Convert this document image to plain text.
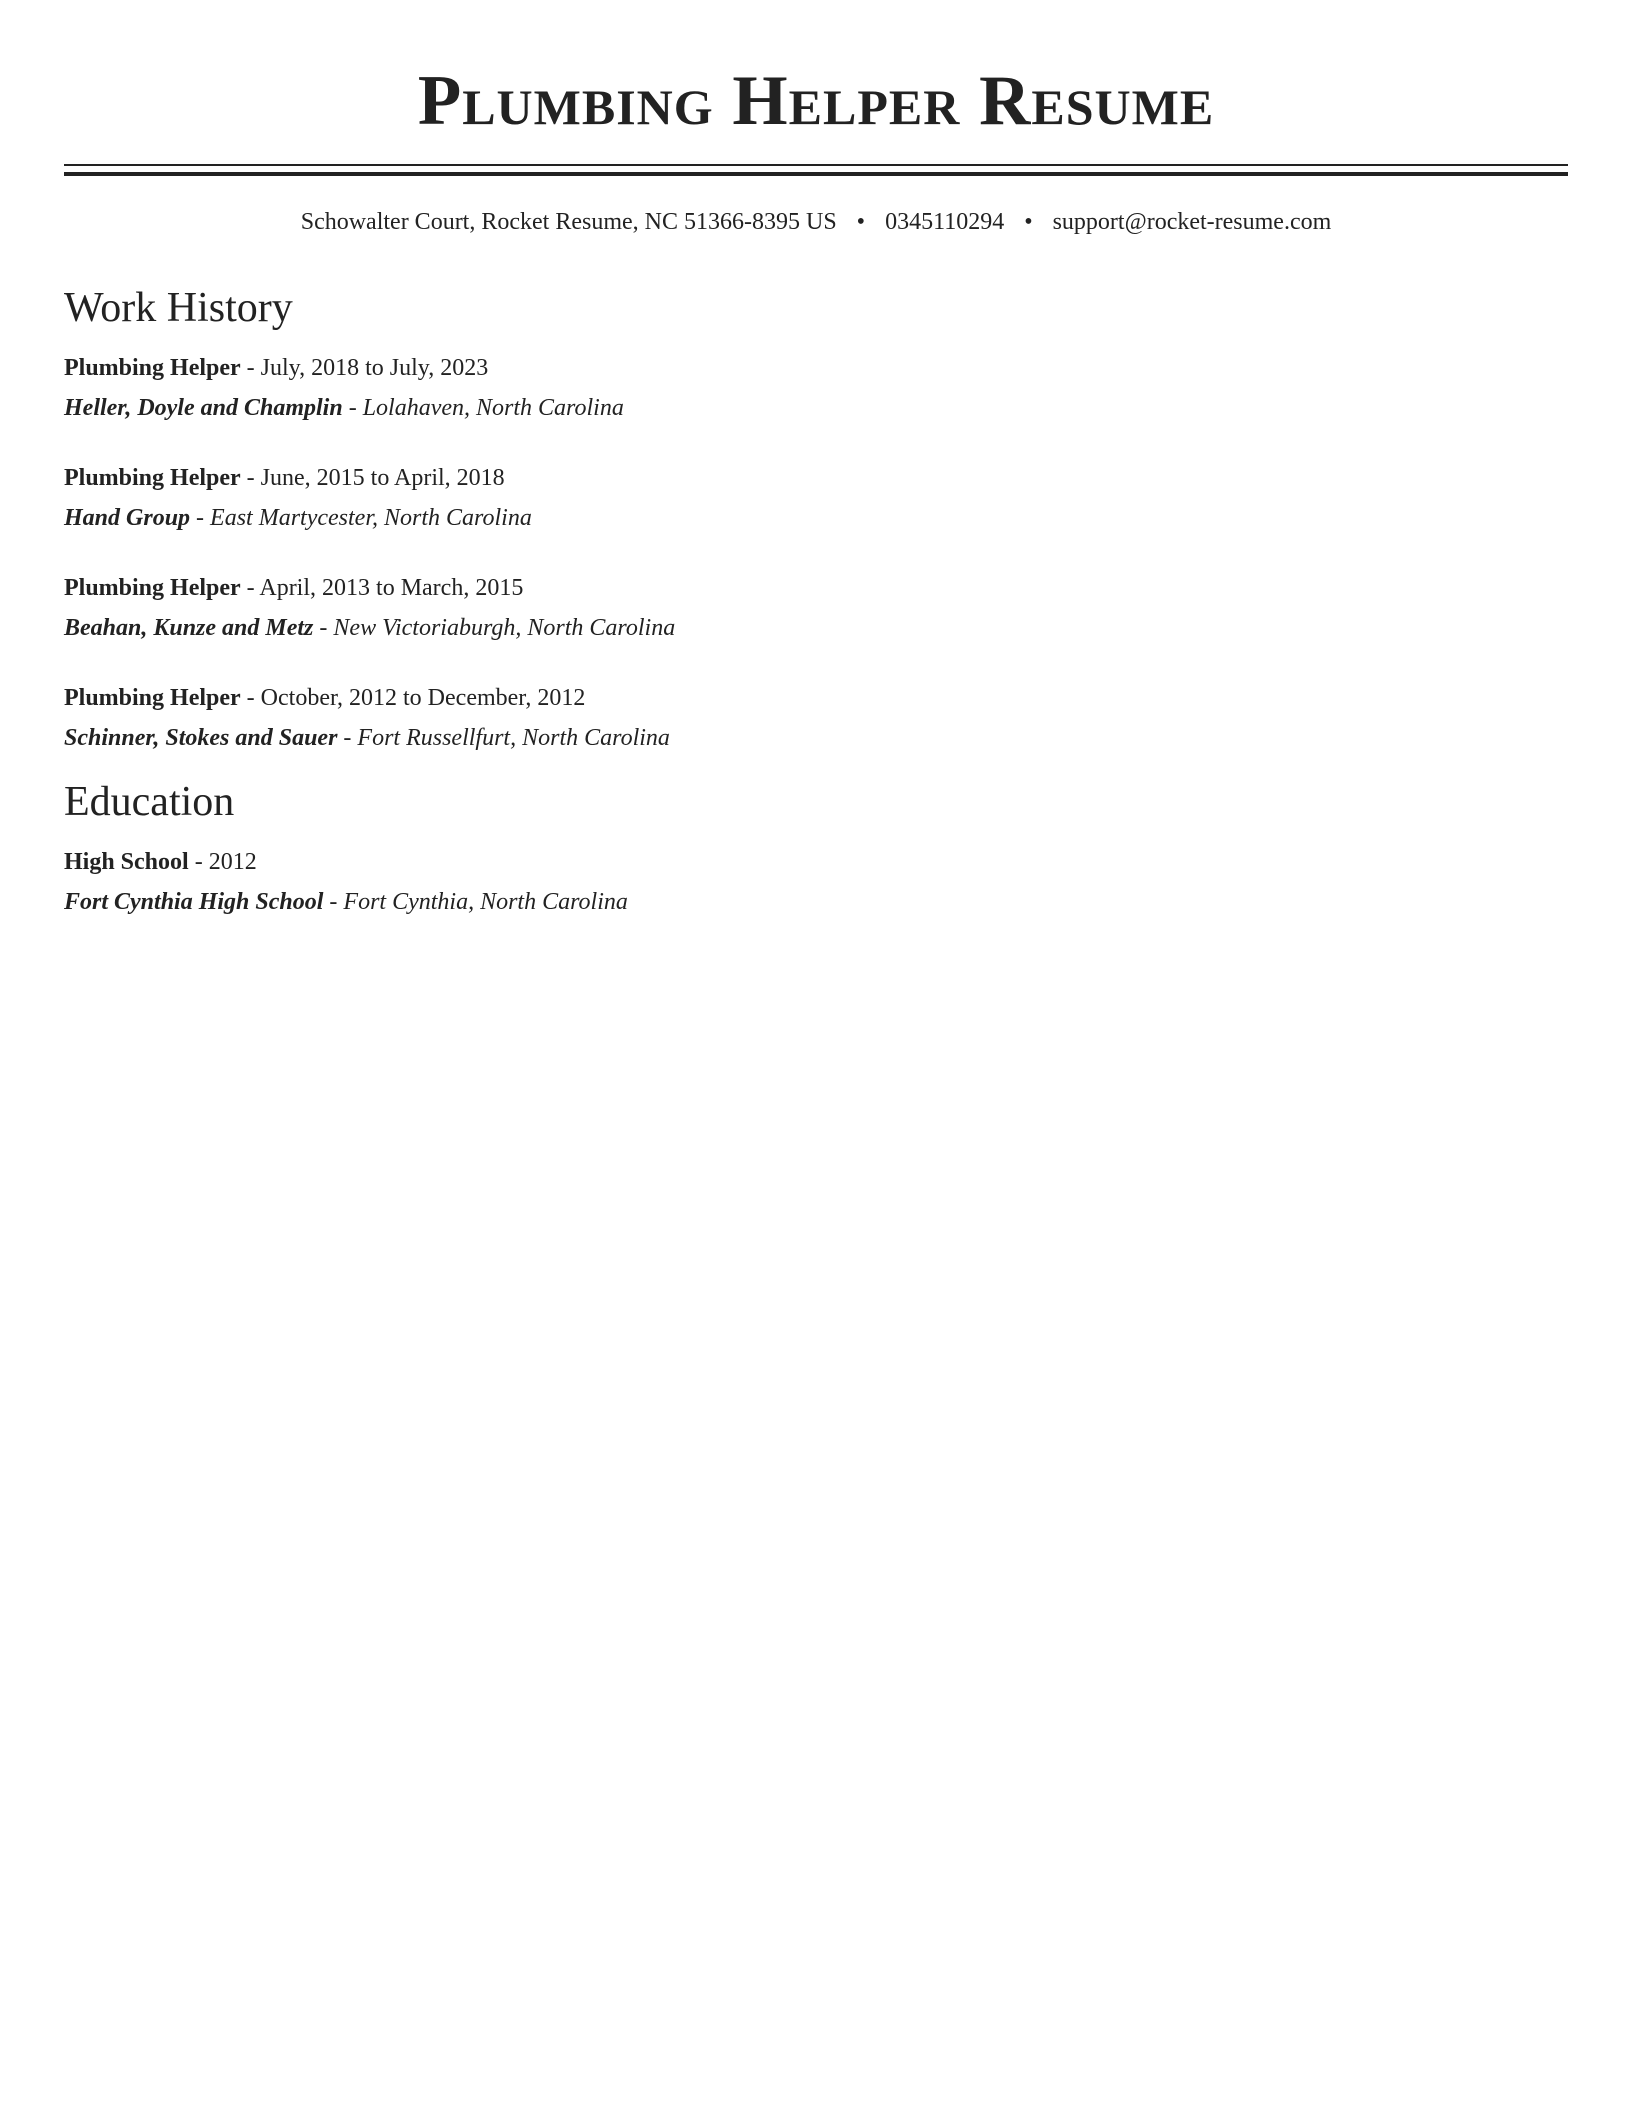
Plumbing Helper Resume
Schowalter Court, Rocket Resume, NC 51366-8395 US • 0345110294 • support@rocket-resume.com
Work History
Plumbing Helper - July, 2018 to July, 2023
Heller, Doyle and Champlin - Lolahaven, North Carolina
Plumbing Helper - June, 2015 to April, 2018
Hand Group - East Martycester, North Carolina
Plumbing Helper - April, 2013 to March, 2015
Beahan, Kunze and Metz - New Victoriaburgh, North Carolina
Plumbing Helper - October, 2012 to December, 2012
Schinner, Stokes and Sauer - Fort Russellfurt, North Carolina
Education
High School - 2012
Fort Cynthia High School - Fort Cynthia, North Carolina
